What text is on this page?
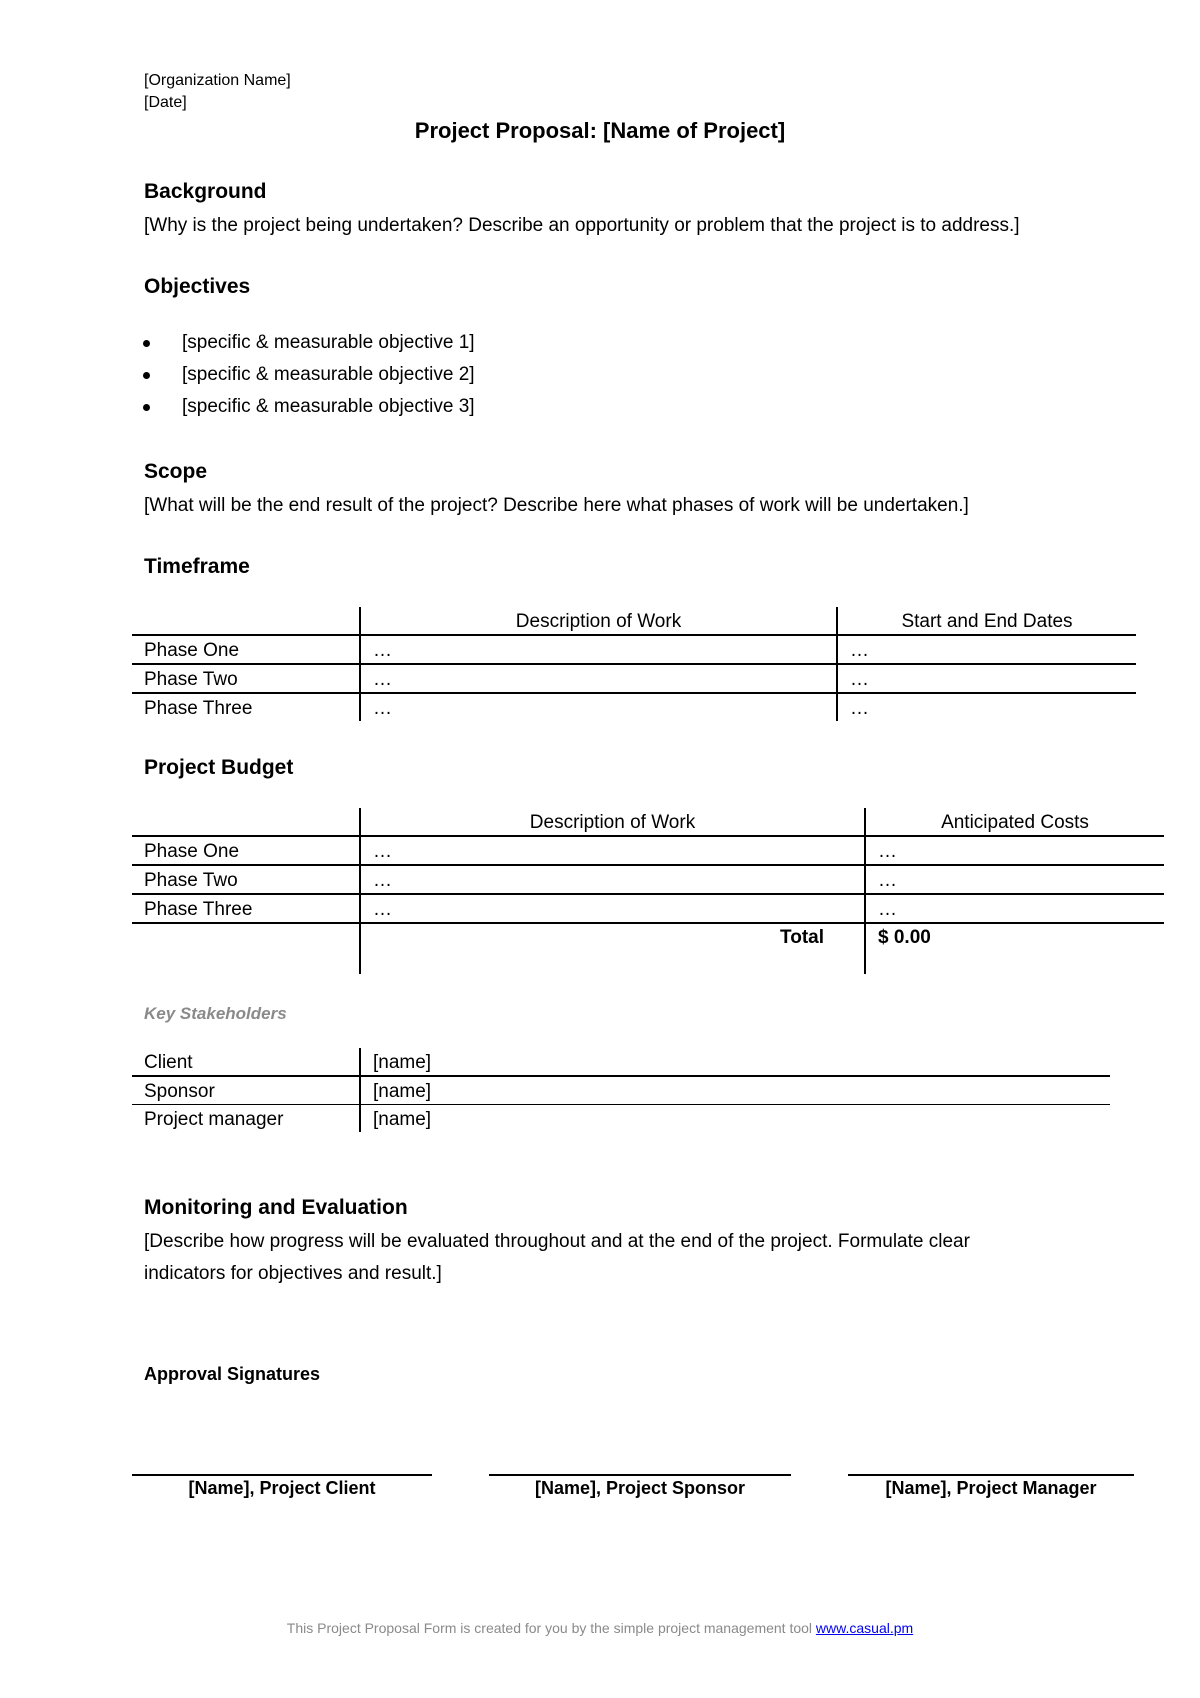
[Organization Name]
[Date]
Project Proposal: [Name of Project]
Background
[Why is the project being undertaken? Describe an opportunity or problem that the project is to address.]
Objectives
[specific & measurable objective 1]
[specific & measurable objective 2]
[specific & measurable objective 3]
Scope
[What will be the end result of the project? Describe here what phases of work will be undertaken.]
Timeframe
	Description of Work	Start and End Dates
Phase One	…	…
Phase Two	…	…
Phase Three	…	…
Project Budget
	Description of Work	Anticipated Costs
Phase One	…	…
Phase Two	…	…
Phase Three	…	…
	Total	$ 0.00
Key Stakeholders
Client	[name]
Sponsor	[name]
Project manager	[name]
Monitoring and Evaluation
[Describe how progress will be evaluated throughout and at the end of the project. Formulate clear
indicators for objectives and result.]
Approval Signatures
[Name], Project Client	[Name], Project Sponsor	[Name], Project Manager
This Project Proposal Form is created for you by the simple project management tool www.casual.pm
